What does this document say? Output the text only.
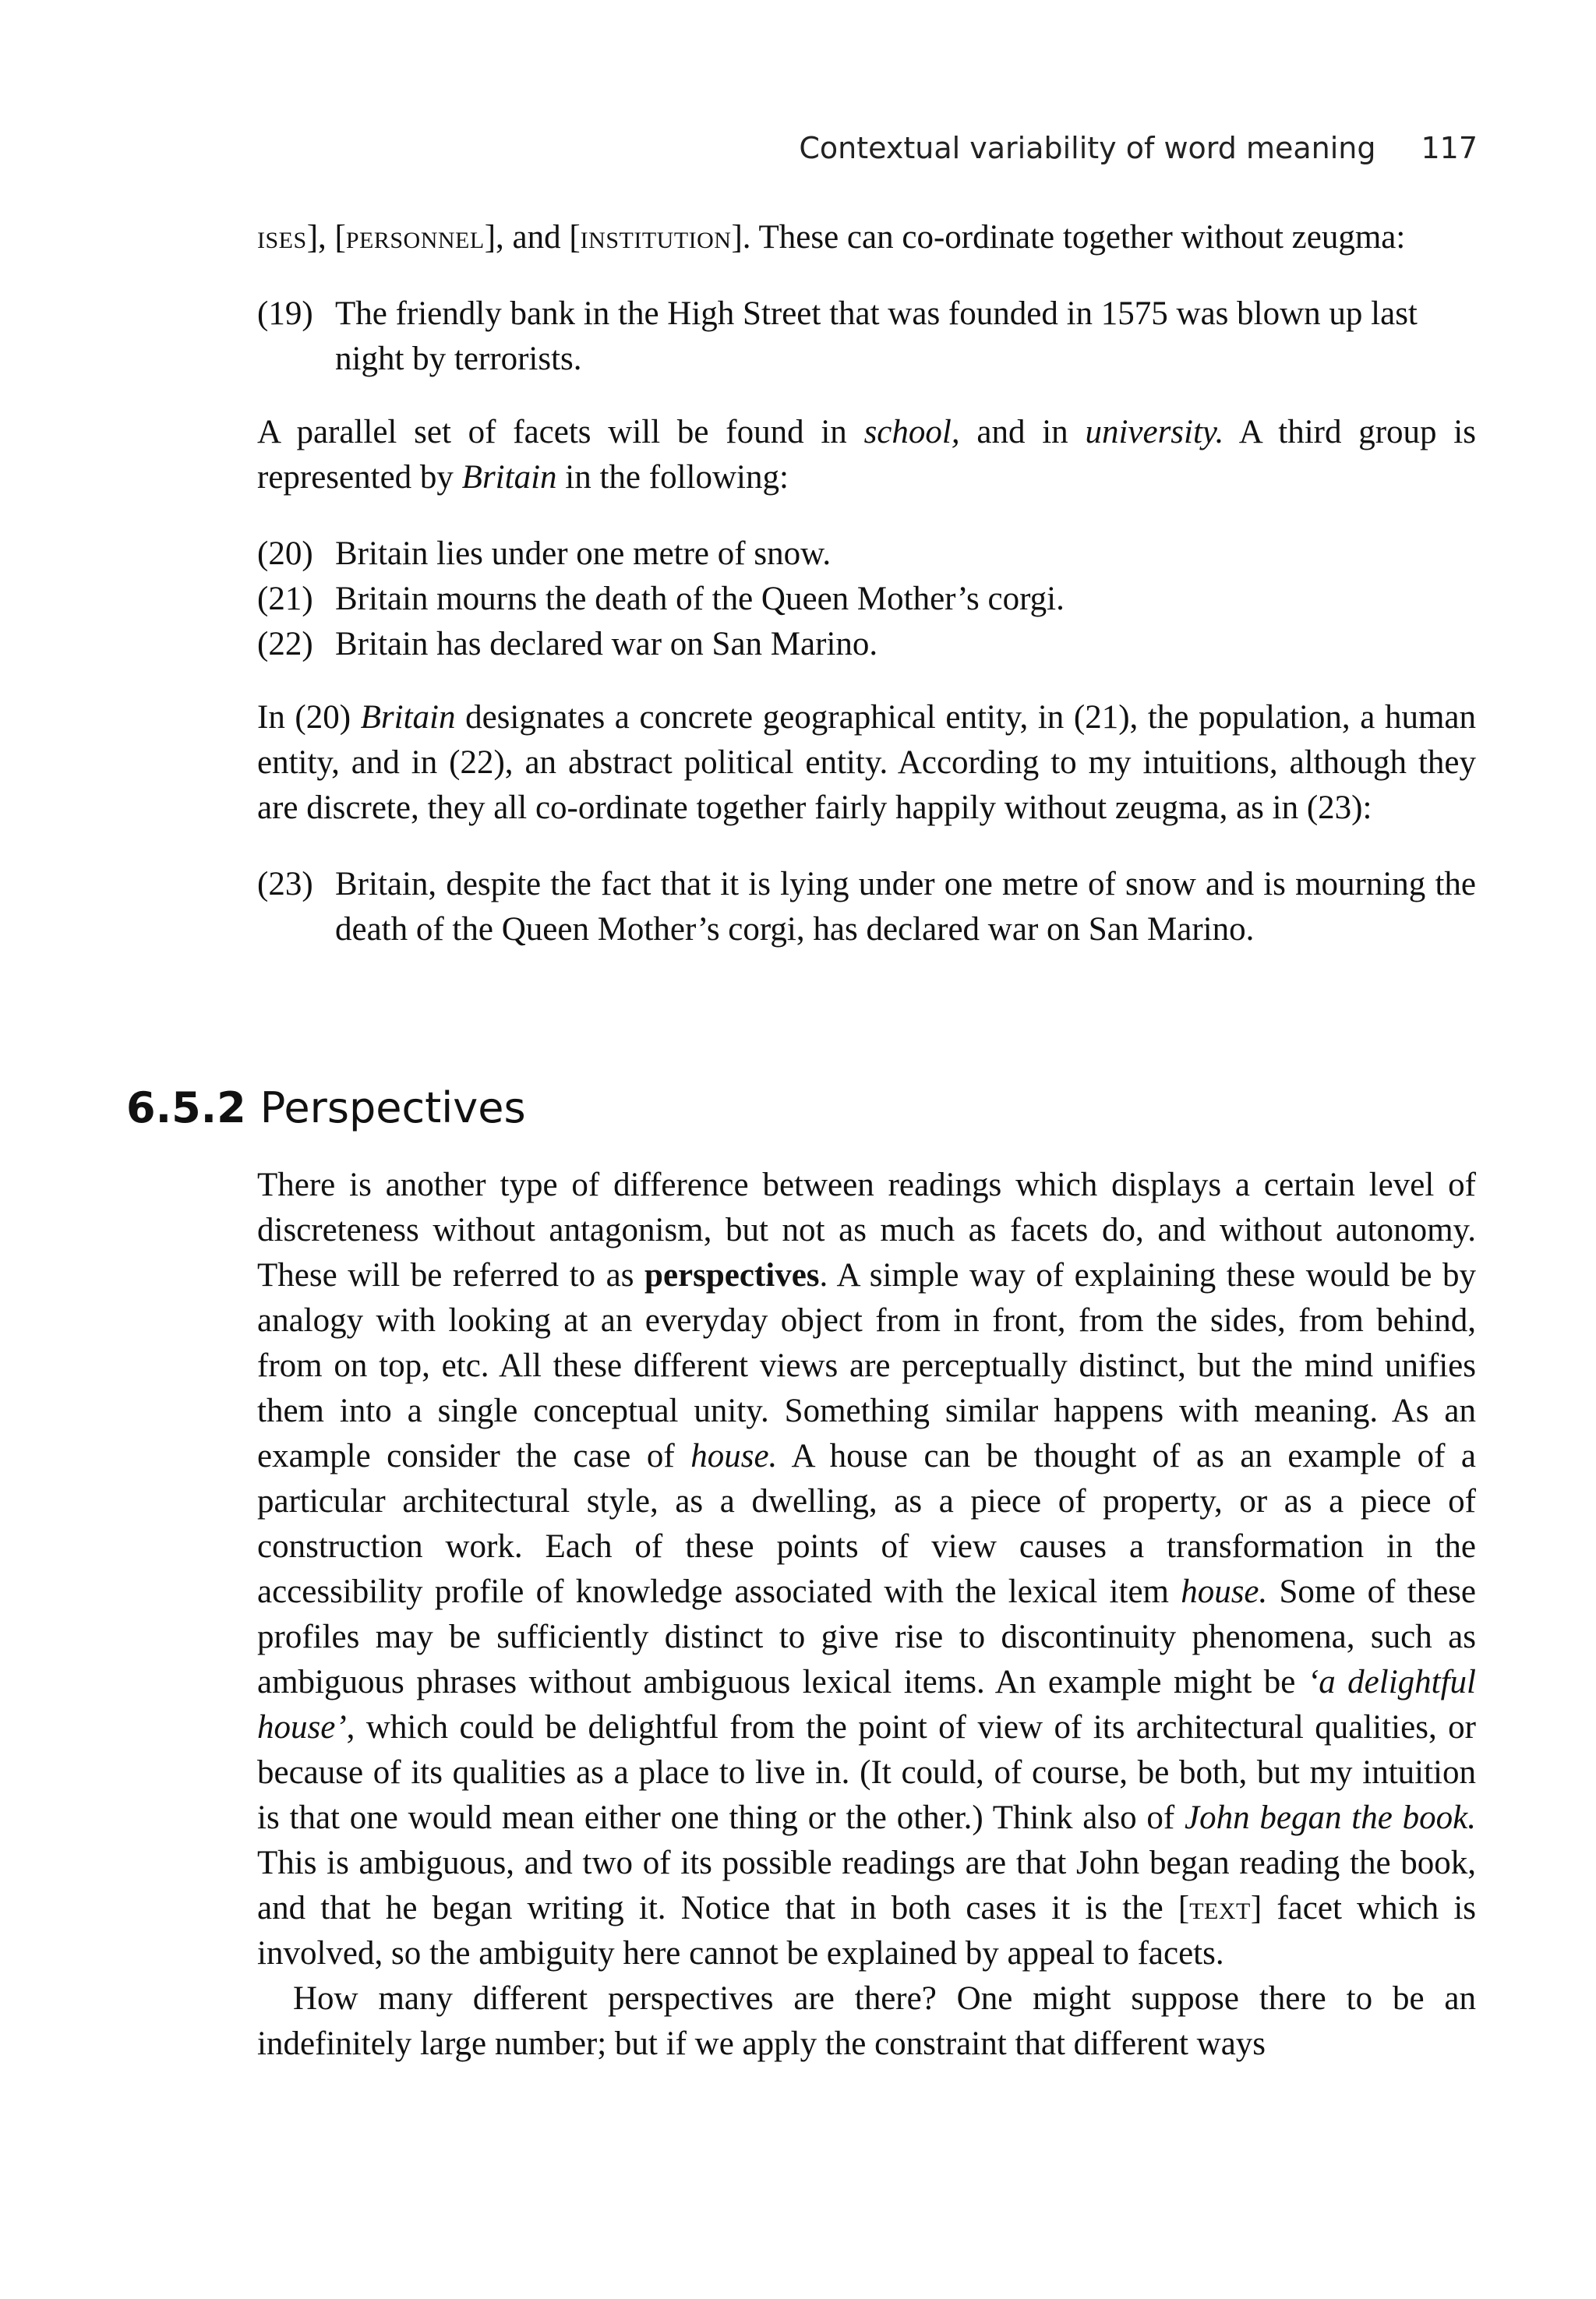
Contextual variability of word meaning 117

ises], [personnel], and [institution]. These can co-ordinate together without zeugma:

(19) The friendly bank in the High Street that was founded in 1575 was blown up last night by terrorists.

A parallel set of facets will be found in school, and in university. A third group is represented by Britain in the following:

(20) Britain lies under one metre of snow.
(21) Britain mourns the death of the Queen Mother’s corgi.
(22) Britain has declared war on San Marino.

In (20) Britain designates a concrete geographical entity, in (21), the population, a human entity, and in (22), an abstract political entity. According to my intuitions, although they are discrete, they all co-ordinate together fairly happily without zeugma, as in (23):

(23) Britain, despite the fact that it is lying under one metre of snow and is mourning the death of the Queen Mother’s corgi, has declared war on San Marino.
6.5.2 Perspectives

There is another type of difference between readings which displays a certain level of discreteness without antagonism, but not as much as facets do, and without autonomy. These will be referred to as perspectives. A simple way of explaining these would be by analogy with looking at an everyday object from in front, from the sides, from behind, from on top, etc. All these different views are perceptually distinct, but the mind unifies them into a single conceptual unity. Something similar happens with meaning. As an example consider the case of house. A house can be thought of as an example of a particular architectural style, as a dwelling, as a piece of property, or as a piece of construction work. Each of these points of view causes a transformation in the accessibility profile of knowledge associated with the lexical item house. Some of these profiles may be sufficiently distinct to give rise to discontinuity phenomena, such as ambiguous phrases without ambiguous lexical items. An example might be ‘a delightful house’, which could be delightful from the point of view of its architectural qualities, or because of its qualities as a place to live in. (It could, of course, be both, but my intuition is that one would mean either one thing or the other.) Think also of John began the book. This is ambiguous, and two of its possible readings are that John began reading the book, and that he began writing it. Notice that in both cases it is the [text] facet which is involved, so the ambiguity here cannot be explained by appeal to facets.

How many different perspectives are there? One might suppose there to be an indefinitely large number; but if we apply the constraint that different ways
